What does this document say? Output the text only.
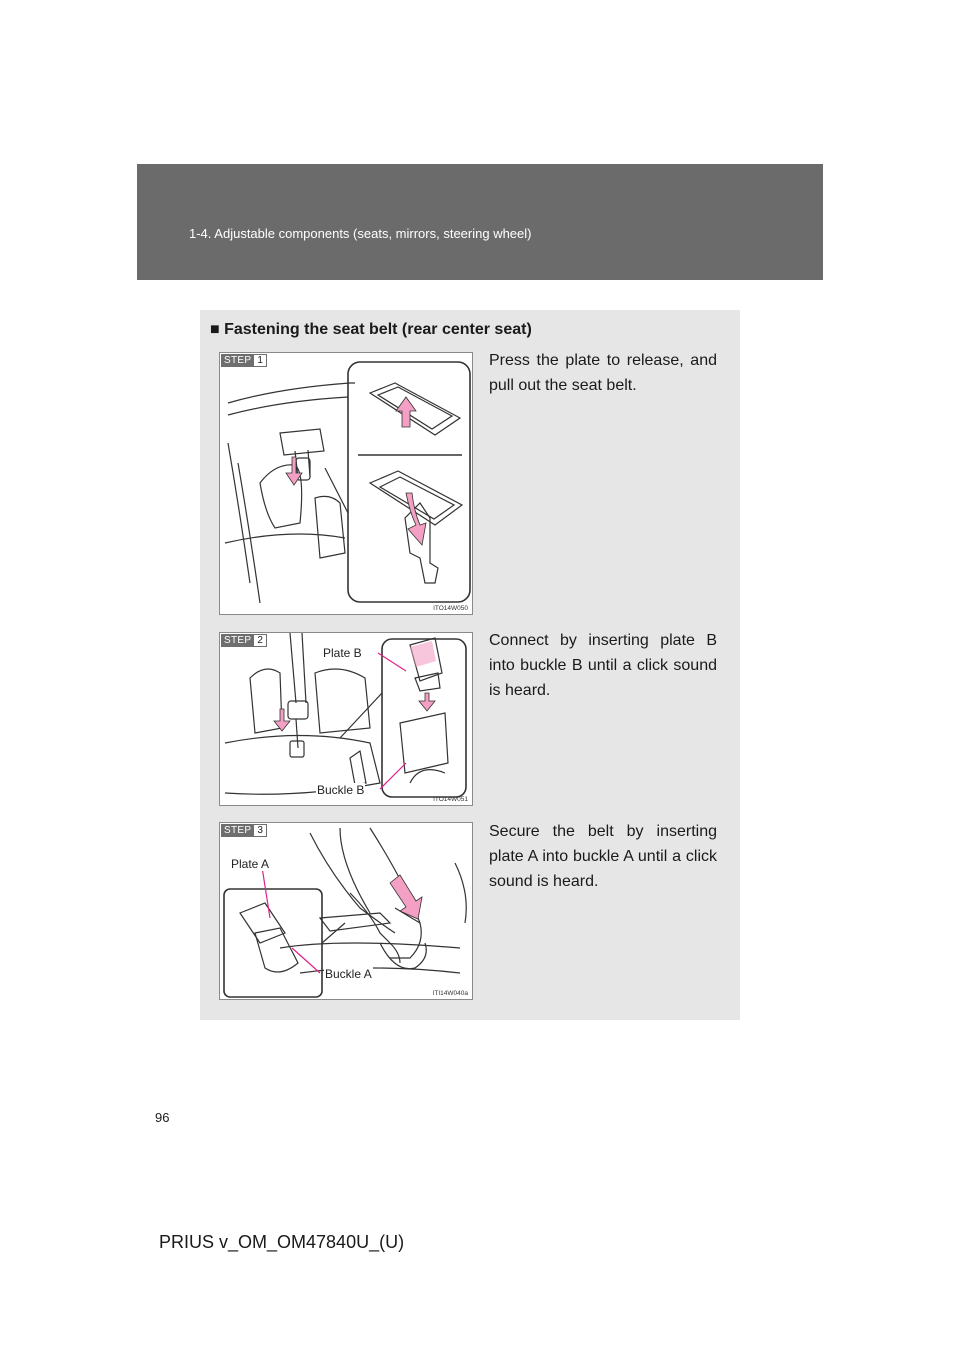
1-4. Adjustable components (seats, mirrors, steering wheel)
■ Fastening the seat belt (rear center seat)
STEP 1
ITO14W050
STEP 2
Plate B
Buckle B
ITO14W051
STEP 3
Plate A
Buckle A
ITI14W040a
Press the plate to release, and pull out the seat belt.
Connect by inserting plate B into buckle B until a click sound is heard.
Secure the belt by inserting plate A into buckle A until a click sound is heard.
96
PRIUS v_OM_OM47840U_(U)
